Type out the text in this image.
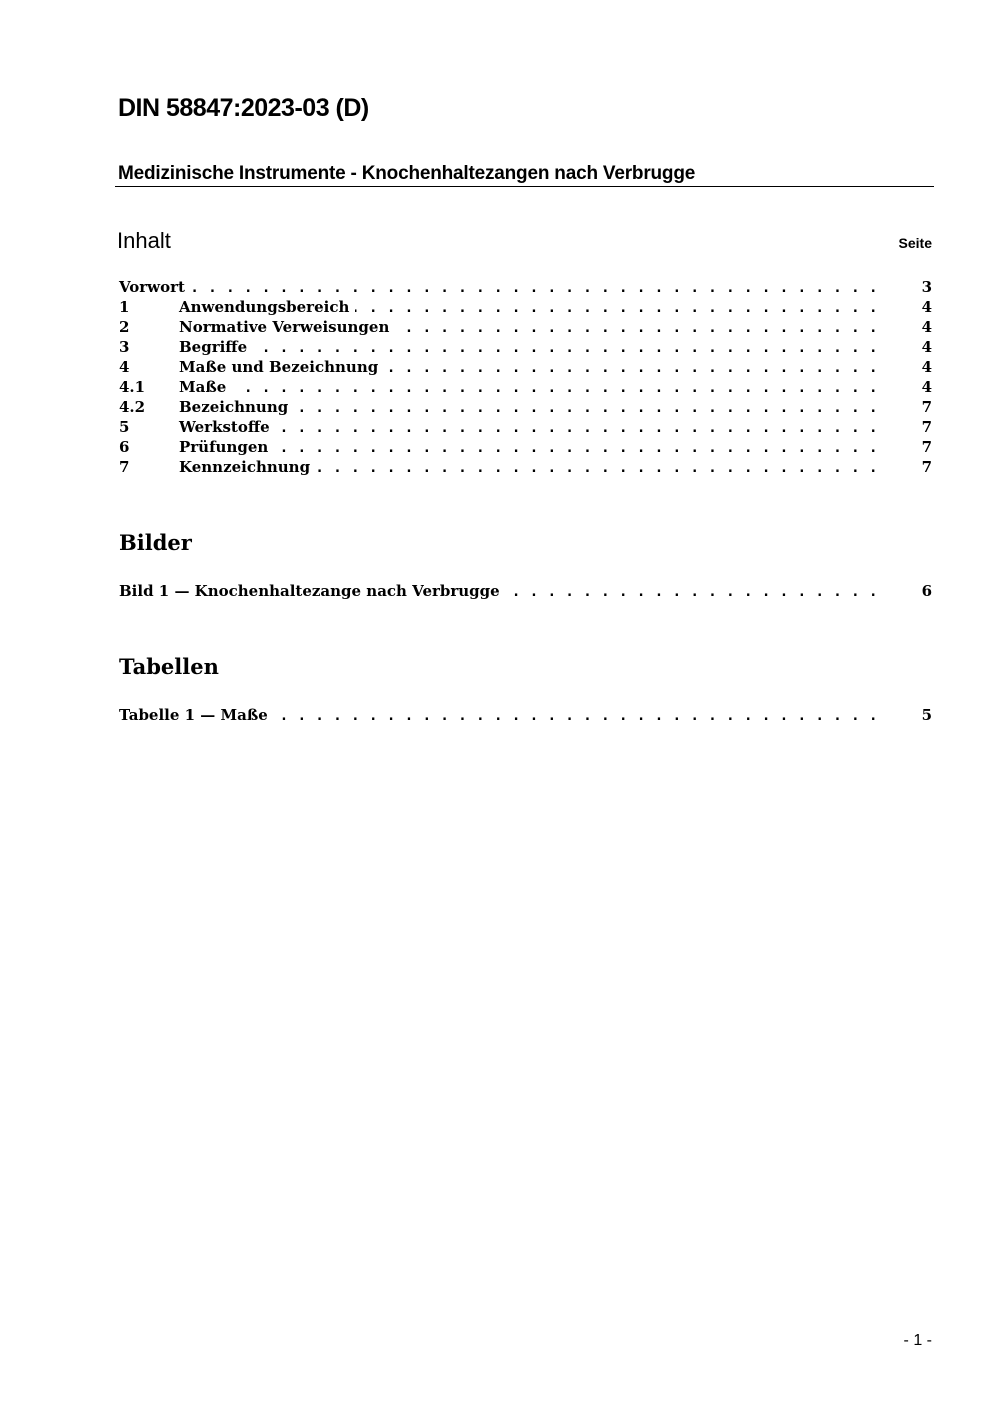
DIN 58847:2023-03 (D)
Medizinische Instrumente - Knochenhaltezangen nach Verbrugge
Inhalt	Seite
. . .
Vorwort	3
. . .
1	Anwendungsbereich	4
. . .
2	Normative Verweisungen	4
. . .
3	Begriffe	4
. . .
4	Maße und Bezeichnung	4
. . .
4.1	Maße	4
. . .
4.2	Bezeichnung	7
. . .
5	Werkstoffe	7
. . .
6	Prüfungen	7
. . .
7	Kennzeichnung	7
Bilder
. . .
Bild 1 — Knochenhaltezange nach Verbrugge	6
Tabellen
. . .
Tabelle 1 — Maße	5
- 1 -
